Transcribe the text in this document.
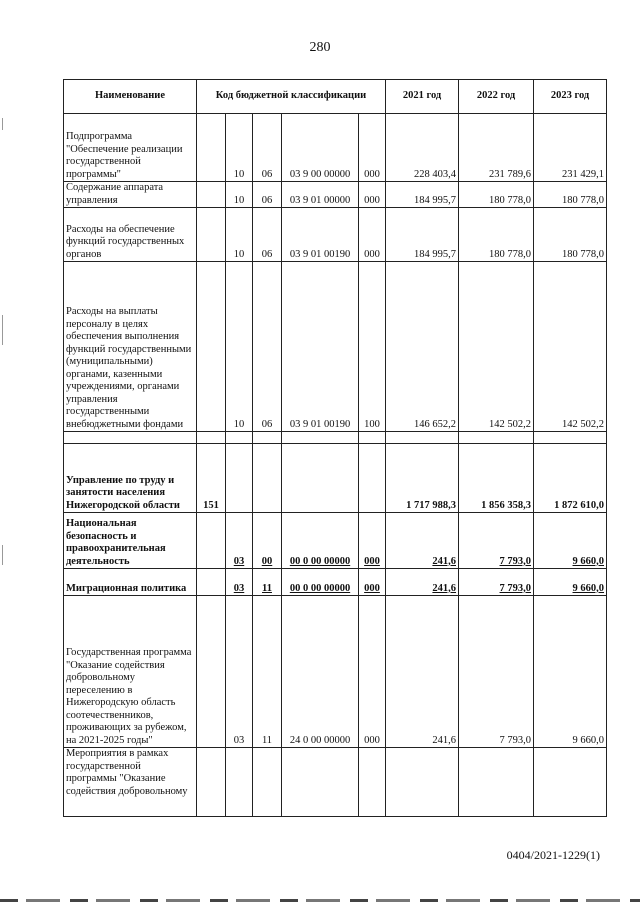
280
Наименование	Код бюджетной классификации					2021 год	2022 год	2023 год
Подпрограмма "Обеспечение реализации государственной программы"		10	06	03 9 00 00000	000	228 403,4	231 789,6	231 429,1
Содержание аппарата управления		10	06	03 9 01 00000	000	184 995,7	180 778,0	180 778,0
Расходы на обеспечение функций государственных органов		10	06	03 9 01 00190	000	184 995,7	180 778,0	180 778,0
Расходы на выплаты персоналу в целях обеспечения выполнения функций государственными (муниципальными) органами, казенными учреждениями, органами управления государственными внебюджетными фондами		10	06	03 9 01 00190	100	146 652,2	142 502,2	142 502,2

Управление по труду и занятости населения Нижегородской области	151					1 717 988,3	1 856 358,3	1 872 610,0
Национальная безопасность и правоохранительная деятельность		03	00	00 0 00 00000	000	241,6	7 793,0	9 660,0
Миграционная политика		03	11	00 0 00 00000	000	241,6	7 793,0	9 660,0
Государственная программа "Оказание содействия добровольному переселению в Нижегородскую область соотечественников, проживающих за рубежом, на 2021-2025 годы"		03	11	24 0 00 00000	000	241,6	7 793,0	9 660,0
Мероприятия в рамках государственной программы "Оказание содействия добровольному								
0404/2021-1229(1)
